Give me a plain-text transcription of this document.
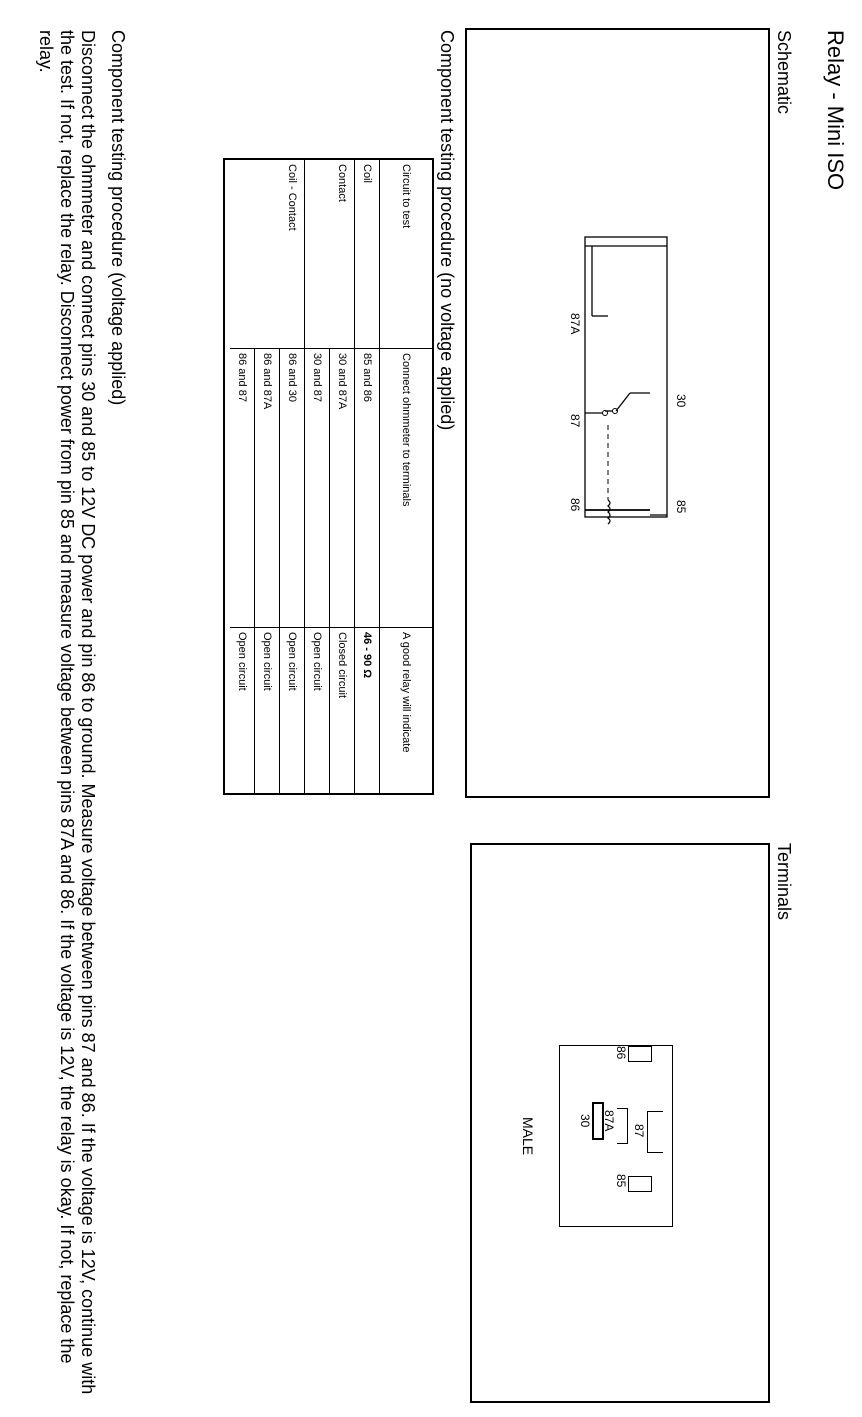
Relay - Mini ISO
Schematic
30
85
87A
87
86
Terminals
87
86
87A
30
85
MALE
Component testing procedure (no voltage applied)
Circuit to test	Connect ohmmeter to terminals	A good relay will indicate
Coil	85 and 86	46 - 90 Ω
Contact	30 and 87A	Closed circuit
	30 and 87	Open circuit
Coil - Contact	86 and 30	Open circuit
	86 and 87A	Open circuit
	86 and 87	Open circuit
Component testing procedure (voltage applied)
Disconnect the ohmmeter and connect pins 30 and 85 to 12V DC power and pin 86 to ground. Measure voltage between pins 87 and 86. If the voltage is 12V, continue with the test. If not, replace the relay. Disconnect power from pin 85 and measure voltage between pins 87A and 86. If the voltage is 12V, the relay is okay. If not, replace the relay.
